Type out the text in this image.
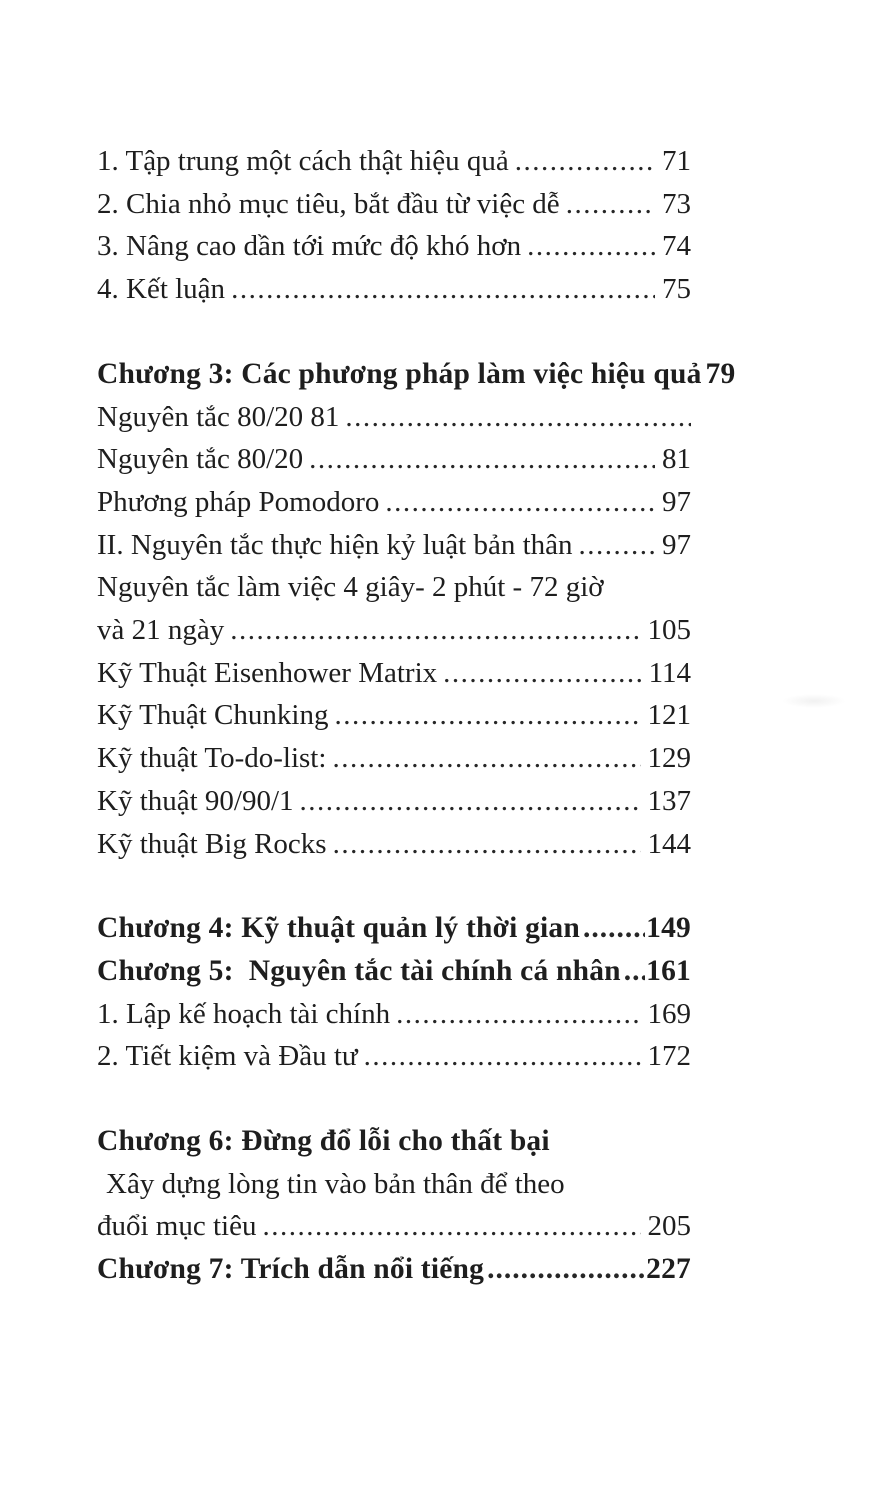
1. Tập trung một cách thật hiệu quả .....	71
2. Chia nhỏ mục tiêu, bắt đầu từ việc dễ .....	73
3. Nâng cao dần tới mức độ khó hơn .....	74
4. Kết luận .....	75
Chương 3: Các phương pháp làm việc hiệu quả 79
Nguyên tắc 80/20 81
.....
Nguyên tắc 80/20 .....	81
Phương pháp Pomodoro .....	97
II. Nguyên tắc thực hiện kỷ luật bản thân .....	97
Nguyên tắc làm việc 4 giây- 2 phút - 72 giờ
và 21 ngày .....	105
Kỹ Thuật Eisenhower Matrix .....	114
Kỹ Thuật Chunking .....	121
Kỹ thuật To-do-list: .....	129
Kỹ thuật 90/90/1 .....	137
Kỹ thuật Big Rocks .....	144
Chương 4: Kỹ thuật quản lý thời gian ..... 149
Chương 5:  Nguyên tắc tài chính cá nhân ..... 161
1. Lập kế hoạch tài chính .....	169
2. Tiết kiệm và Đầu tư .....	172
Chương 6: Đừng đổ lỗi cho thất bại
Xây dựng lòng tin vào bản thân để theo
đuổi mục tiêu .....	205
Chương 7: Trích dẫn nổi tiếng .....	227
